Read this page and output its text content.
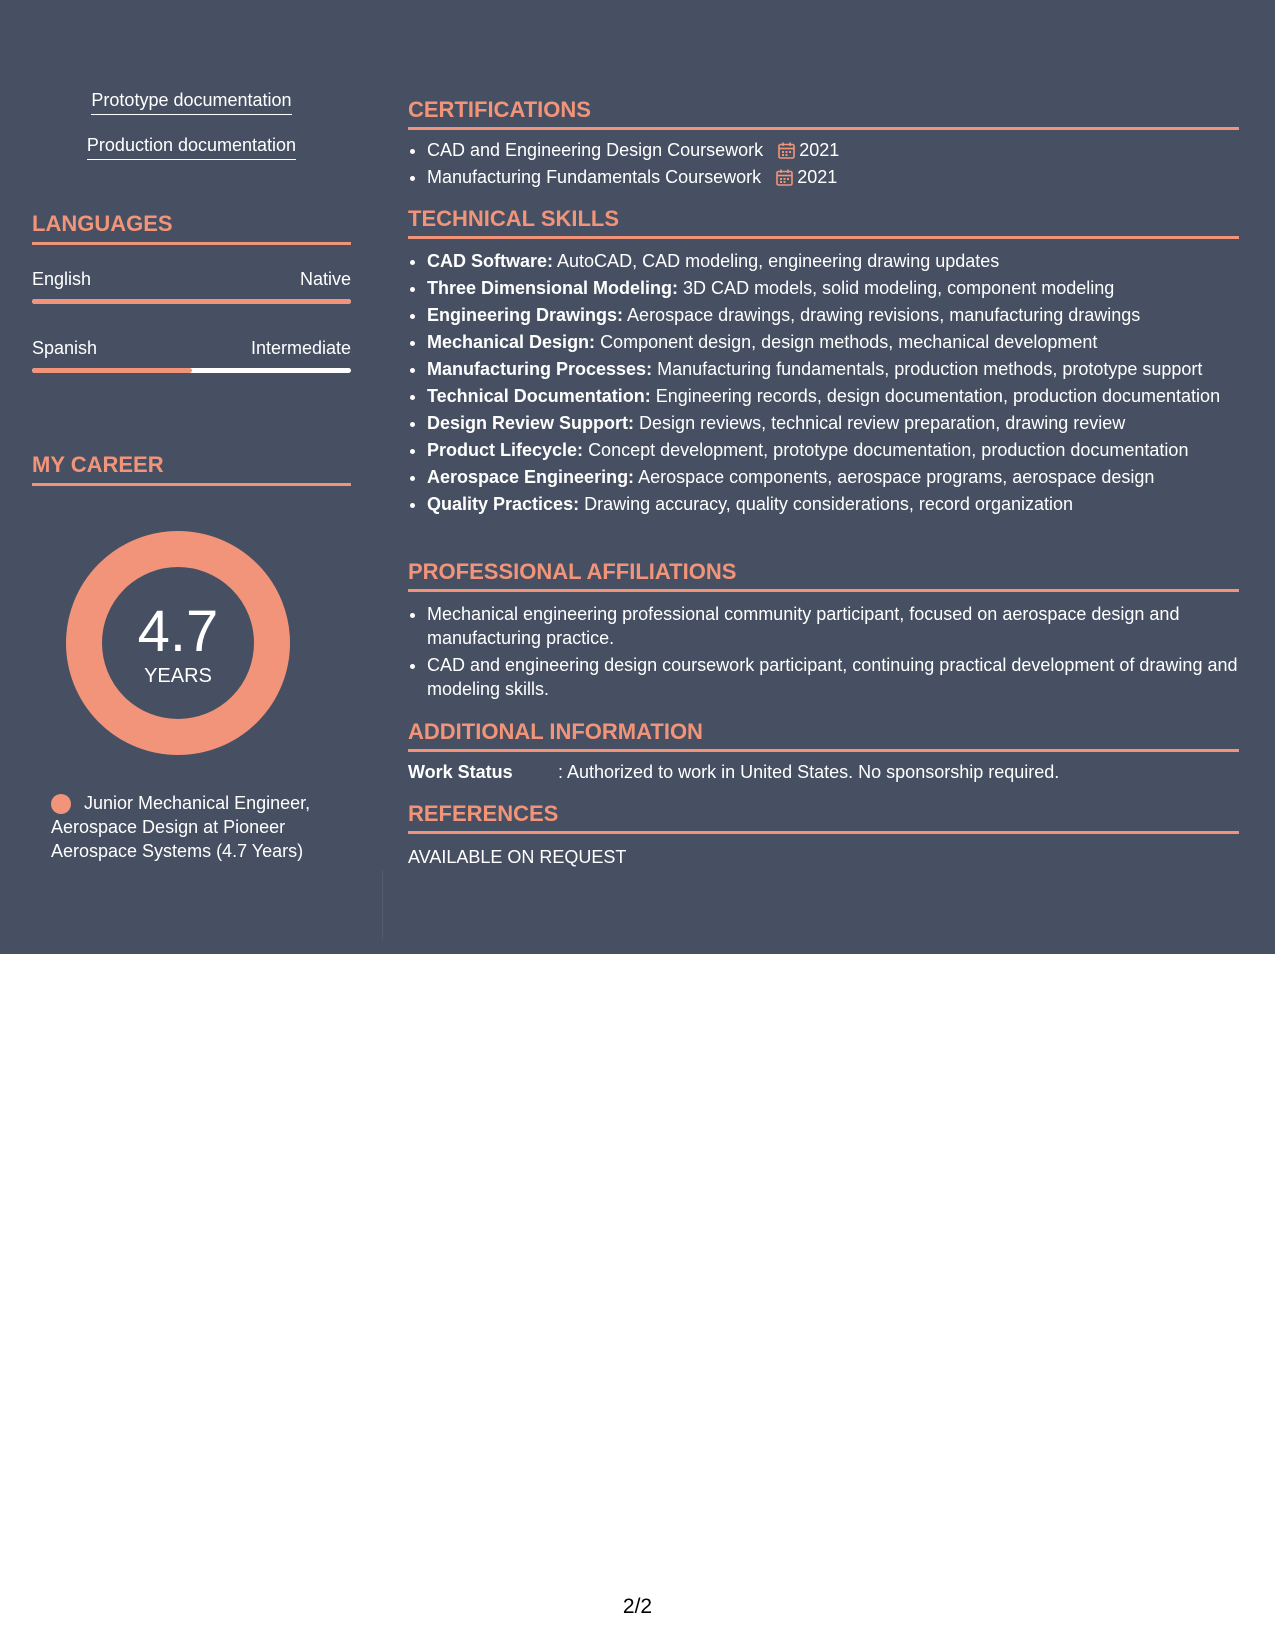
Prototype documentation
Production documentation
LANGUAGES
English	Native
Spanish	Intermediate
MY CAREER
4.7
YEARS
Junior Mechanical Engineer, Aerospace Design at Pioneer Aerospace Systems (4.7 Years)
CERTIFICATIONS
• CAD and Engineering Design Coursework 2021
• Manufacturing Fundamentals Coursework 2021
TECHNICAL SKILLS
• CAD Software: AutoCAD, CAD modeling, engineering drawing updates
• Three Dimensional Modeling: 3D CAD models, solid modeling, component modeling
• Engineering Drawings: Aerospace drawings, drawing revisions, manufacturing drawings
• Mechanical Design: Component design, design methods, mechanical development
• Manufacturing Processes: Manufacturing fundamentals, production methods, prototype support
• Technical Documentation: Engineering records, design documentation, production documentation
• Design Review Support: Design reviews, technical review preparation, drawing review
• Product Lifecycle: Concept development, prototype documentation, production documentation
• Aerospace Engineering: Aerospace components, aerospace programs, aerospace design
• Quality Practices: Drawing accuracy, quality considerations, record organization
PROFESSIONAL AFFILIATIONS
• Mechanical engineering professional community participant, focused on aerospace design and manufacturing practice.
• CAD and engineering design coursework participant, continuing practical development of drawing and modeling skills.
ADDITIONAL INFORMATION
Work Status	: Authorized to work in United States. No sponsorship required.
REFERENCES
AVAILABLE ON REQUEST
2/2
